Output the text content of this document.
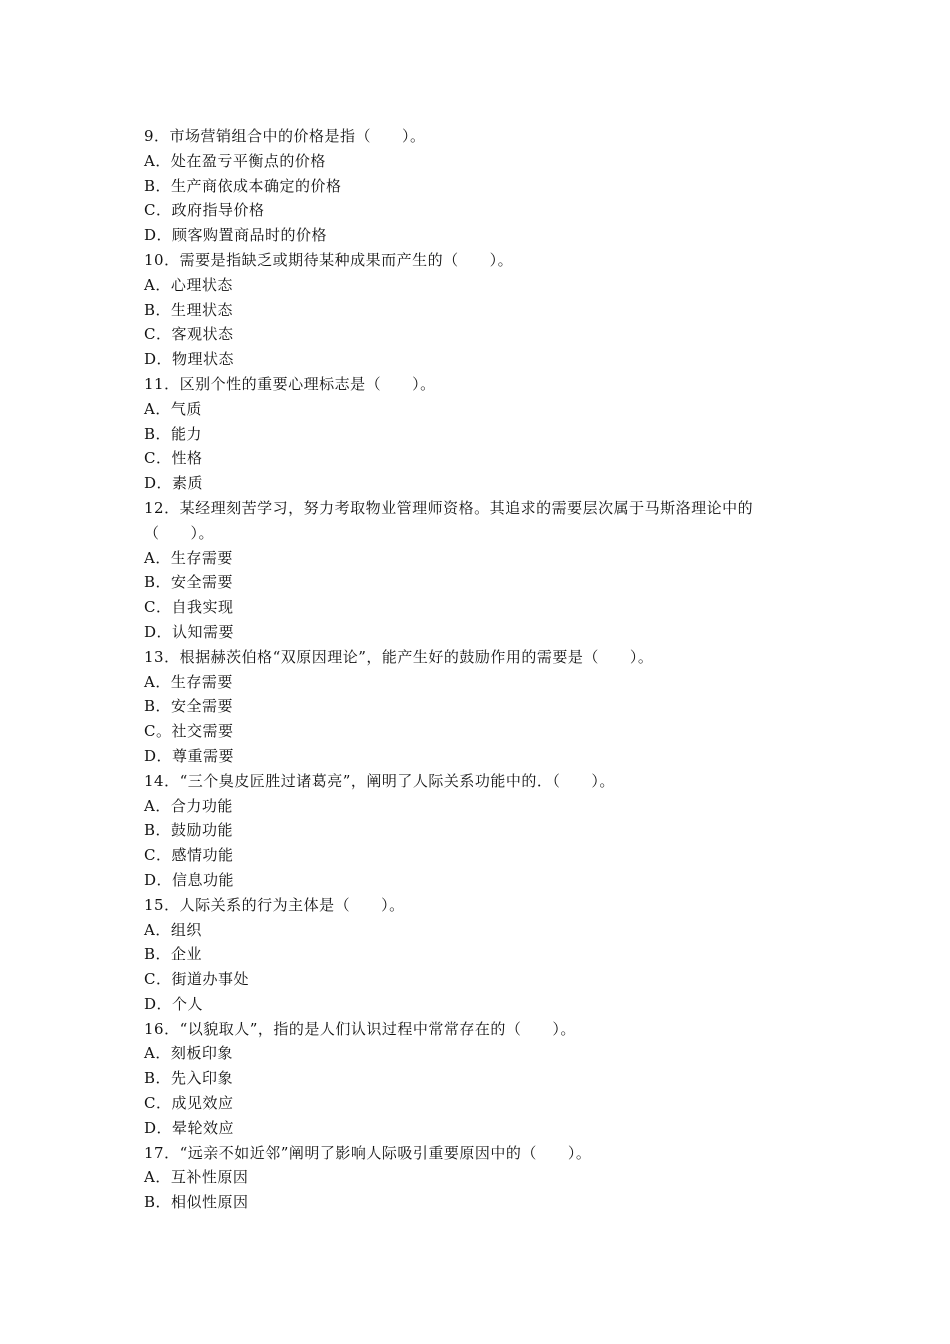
9．市场营销组合中的价格是指（　　）。
A．处在盈亏平衡点的价格
B．生产商依成本确定的价格
C．政府指导价格
D．顾客购置商品时的价格
10．需要是指缺乏或期待某种成果而产生的（　　）。
A．心理状态
B．生理状态
C．客观状态
D．物理状态
11．区别个性的重要心理标志是（　　）。
A．气质
B．能力
C．性格
D．素质
12．某经理刻苦学习，努力考取物业管理师资格。其追求的需要层次属于马斯洛理论中的
（　　）。
A．生存需要
B．安全需要
C．自我实现
D．认知需要
13．根据赫茨伯格“双原因理论”，能产生好的鼓励作用的需要是（　　）。
A．生存需要
B．安全需要
C。社交需要
D．尊重需要
14．“三个臭皮匠胜过诸葛亮”，阐明了人际关系功能中的．（　　）。
A．合力功能
B．鼓励功能
C．感情功能
D．信息功能
15．人际关系的行为主体是（　　）。
A．组织
B．企业
C．街道办事处
D．个人
16．“以貌取人”，指的是人们认识过程中常常存在的（　　）。
A．刻板印象
B．先入印象
C．成见效应
D．晕轮效应
17．“远亲不如近邻”阐明了影响人际吸引重要原因中的（　　）。
A．互补性原因
B．相似性原因
